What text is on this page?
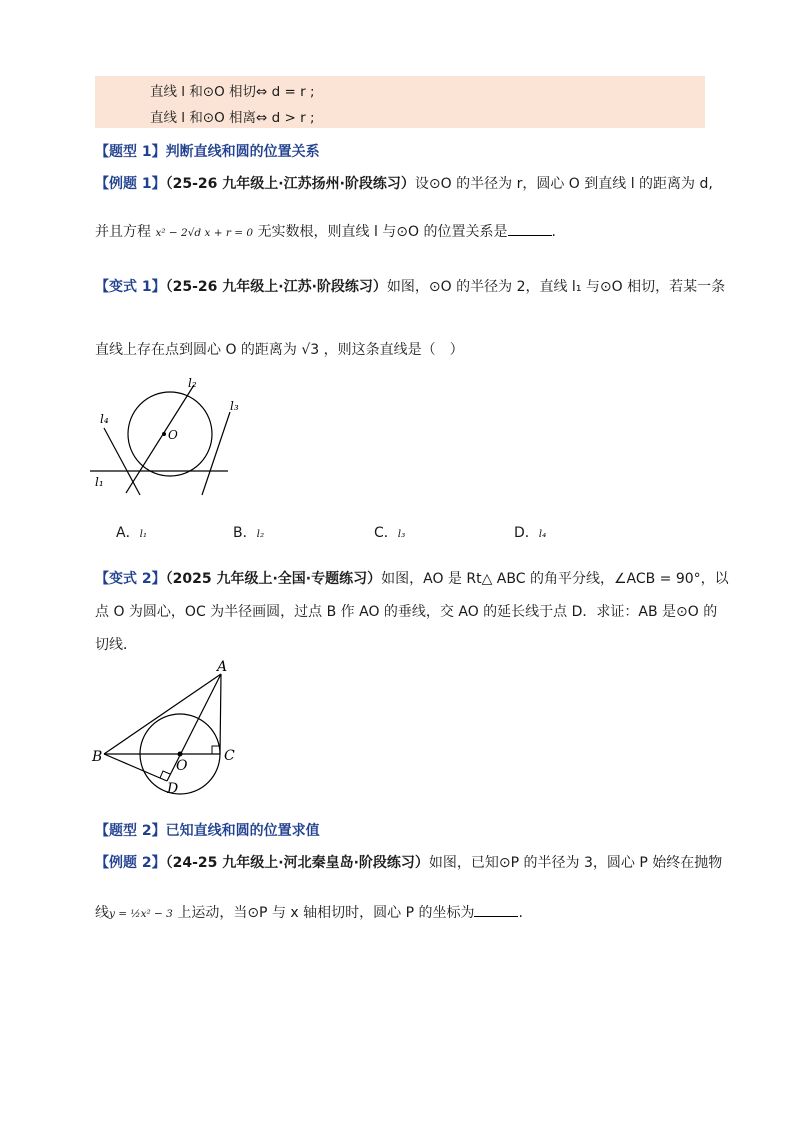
直线 l 和⊙O 相切⇔ d = r ;
直线 l 和⊙O 相离⇔ d > r ;
【题型 1】判断直线和圆的位置关系
【例题 1】（25-26 九年级上·江苏扬州·阶段练习）设⊙O 的半径为 r，圆心 O 到直线 l 的距离为 d,
并且方程 x² − 2√d x + r = 0 无实数根，则直线 l 与⊙O 的位置关系是	.
【变式 1】（25-26 九年级上·江苏·阶段练习）如图，⊙O 的半径为 2，直线 l₁ 与⊙O 相切，若某一条
直线上存在点到圆心 O 的距离为 √3 ，则这条直线是（　）
O
l₁
l₂
l₃
l₄
A．l₁	B．l₂	C．l₃	D．l₄
【变式 2】（2025 九年级上·全国·专题练习）如图，AO 是 Rt△ ABC 的角平分线，∠ACB = 90°，以
点 O 为圆心，OC 为半径画圆，过点 B 作 AO 的垂线，交 AO 的延长线于点 D．求证：AB 是⊙O 的
切线．
A
B	C
D
O
【题型 2】已知直线和圆的位置求值
【例题 2】（24-25 九年级上·河北秦皇岛·阶段练习）如图，已知⊙P 的半径为 3，圆心 P 始终在抛物
线y = ½x² − 3 上运动，当⊙P 与 x 轴相切时，圆心 P 的坐标为	.
